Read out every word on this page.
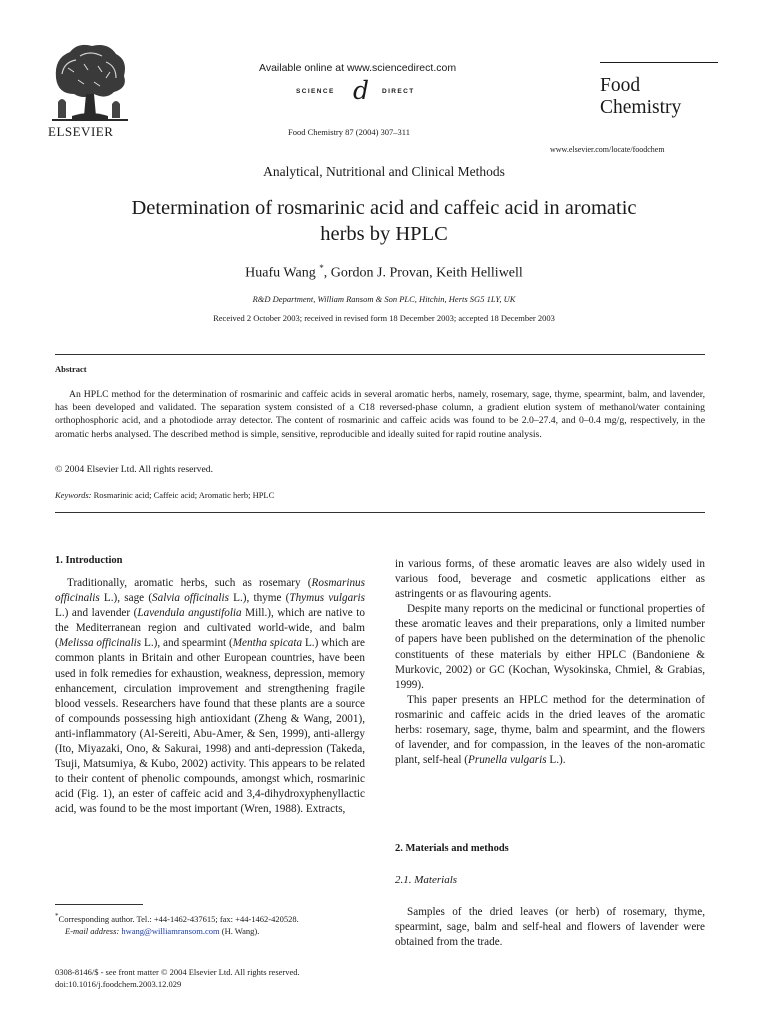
ELSEVIER
Available online at www.sciencedirect.com
SCIENCE d DIRECT
Food Chemistry 87 (2004) 307–311
Food
Chemistry
www.elsevier.com/locate/foodchem
Analytical, Nutritional and Clinical Methods
Determination of rosmarinic acid and caffeic acid in aromatic
herbs by HPLC
Huafu Wang *, Gordon J. Provan, Keith Helliwell
R&D Department, William Ransom & Son PLC, Hitchin, Herts SG5 1LY, UK
Received 2 October 2003; received in revised form 18 December 2003; accepted 18 December 2003
Abstract
An HPLC method for the determination of rosmarinic and caffeic acids in several aromatic herbs, namely, rosemary, sage, thyme, spearmint, balm, and lavender, has been developed and validated. The separation system consisted of a C18 reversed-phase column, a gradient elution system of methanol/water containing orthophosphoric acid, and a photodiode array detector. The content of rosmarinic and caffeic acids was found to be 2.0–27.4, and 0–0.4 mg/g, respectively, in the aromatic herbs analysed. The described method is simple, sensitive, reproducible and ideally suited for rapid routine analysis.
© 2004 Elsevier Ltd. All rights reserved.
Keywords: Rosmarinic acid; Caffeic acid; Aromatic herb; HPLC
1. Introduction

Traditionally, aromatic herbs, such as rosemary (Rosmarinus officinalis L.), sage (Salvia officinalis L.), thyme (Thymus vulgaris L.) and lavender (Lavendula angustifolia Mill.), which are native to the Mediterranean region and cultivated world-wide, and balm (Melissa officinalis L.), and spearmint (Mentha spicata L.) which are common plants in Britain and other European countries, have been used in folk remedies for exhaustion, weakness, depression, memory enhancement, circulation improvement and strengthening fragile blood vessels. Researchers have found that these plants are a source of compounds possessing high antioxidant (Zheng & Wang, 2001), anti-inflammatory (Al-Sereiti, Abu-Amer, & Sen, 1999), anti-allergy (Ito, Miyazaki, Ono, & Sakurai, 1998) and anti-depression (Takeda, Tsuji, Matsumiya, & Kubo, 2002) activity. This appears to be related to their content of phenolic compounds, amongst which, rosmarinic acid (Fig. 1), an ester of caffeic acid and 3,4-dihydroxyphenyllactic acid, was found to be the most important (Wren, 1988). Extracts,

in various forms, of these aromatic leaves are also widely used in various food, beverage and cosmetic applications either as astringents or as flavouring agents.

Despite many reports on the medicinal or functional properties of these aromatic leaves and their preparations, only a limited number of papers have been published on the determination of the phenolic constituents of these materials by either HPLC (Bandoniene & Murkovic, 2002) or GC (Kochan, Wysokinska, Chmiel, & Grabias, 1999).

This paper presents an HPLC method for the determination of rosmarinic and caffeic acids in the dried leaves of the aromatic herbs: rosemary, sage, thyme, balm and spearmint, and the flowers of lavender, and for compassion, in the leaves of the non-aromatic plant, self-heal (Prunella vulgaris L.).

2. Materials and methods
2.1. Materials

Samples of the dried leaves (or herb) of rosemary, thyme, spearmint, sage, balm and self-heal and flowers of lavender were obtained from the trade.

*Corresponding author. Tel.: +44-1462-437615; fax: +44-1462-420528.
E-mail address: hwang@williamransom.com (H. Wang).
0308-8146/$ - see front matter © 2004 Elsevier Ltd. All rights reserved.
doi:10.1016/j.foodchem.2003.12.029
